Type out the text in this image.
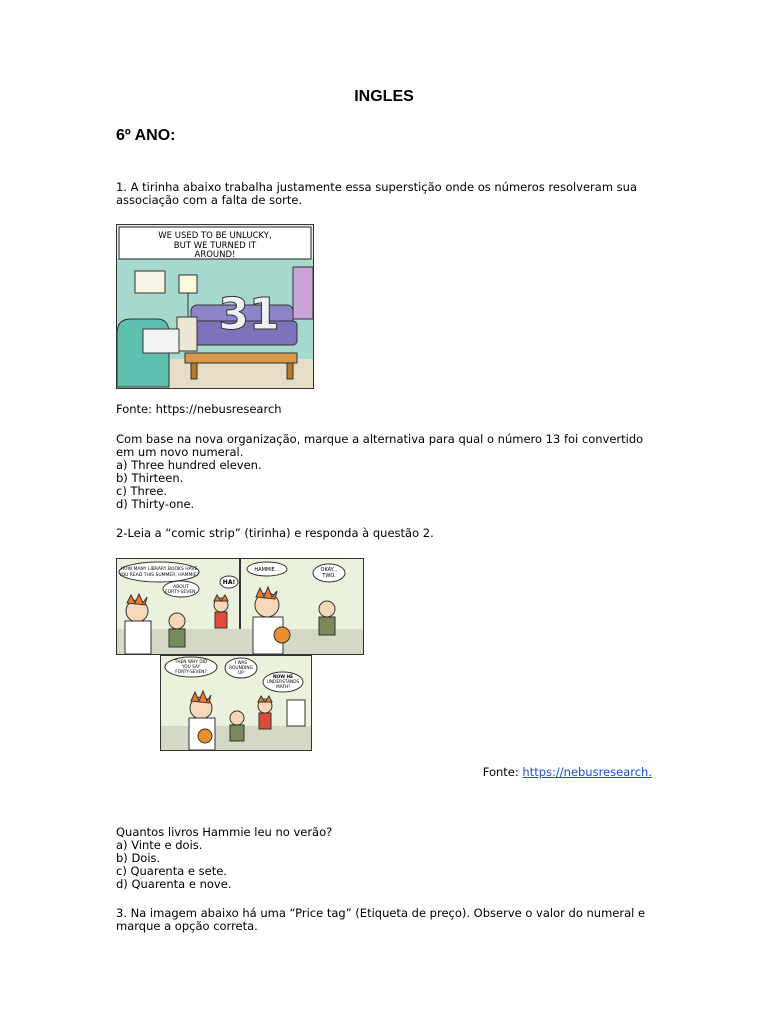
INGLES
6º ANO:
1. A tirinha abaixo trabalha justamente essa superstição onde os números resolveram sua associação com a falta de sorte.
WE USED TO BE UNLUCKY,
BUT WE TURNED IT
AROUND!
31
Fonte: https://nebusresearch
Com base na nova organização, marque a alternativa para qual o número 13 foi convertido em um novo numeral.
a) Three hundred eleven.
b) Thirteen.
c) Three.
d) Thirty-one.
2-Leia a “comic strip” (tirinha) e responda à questão 2.
HOW MANY LIBRARY BOOKS HAVE
YOU READ THIS SUMMER, HAMMIE?
ABOUT
FORTY-SEVEN.
HA!
HAMMIE...	OKAY...
TWO.
THEN WHY DID
YOU SAY
FORTY-SEVEN?
I WAS
ROUNDING
UP
NOW HE
UNDERSTANDS
MATH!
Fonte: https://nebusresearch.
Quantos livros Hammie leu no verão?
a) Vinte e dois.
b) Dois.
c) Quarenta e sete.
d) Quarenta e nove.
3. Na imagem abaixo há uma “Price tag” (Etiqueta de preço). Observe o valor do numeral e marque a opção correta.
